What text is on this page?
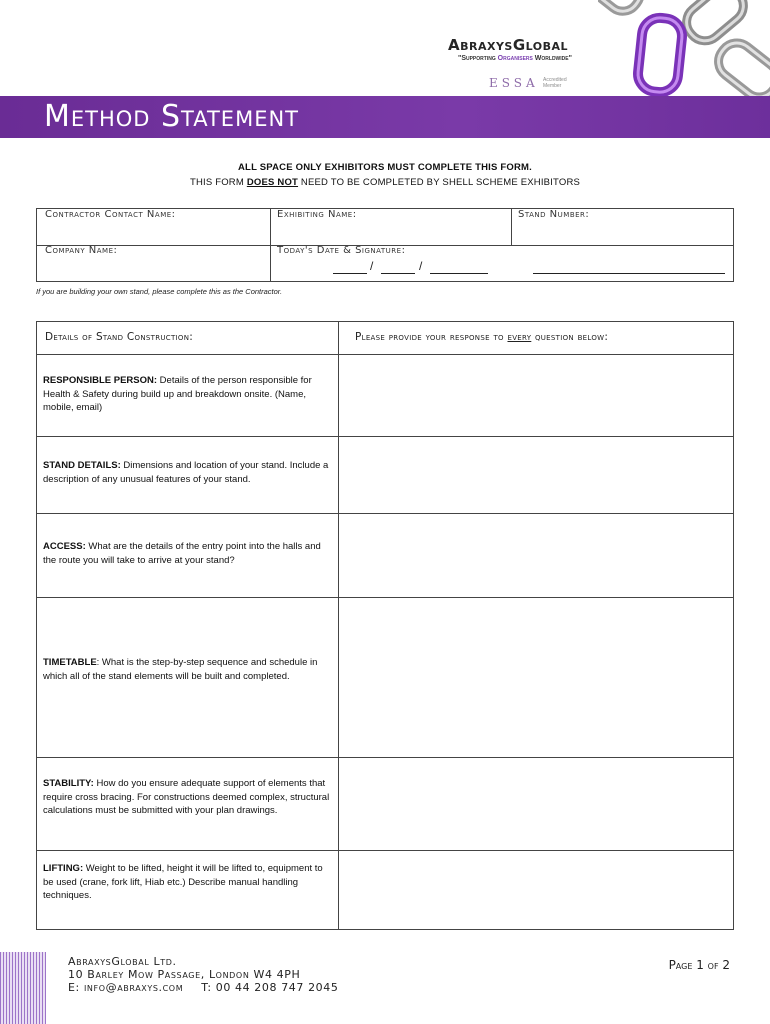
AbraxysGlobal
"Supporting Organisers Worldwide"
ESSA Accredited
Member
Method Statement
ALL SPACE ONLY EXHIBITORS MUST COMPLETE THIS FORM.
THIS FORM DOES NOT NEED TO BE COMPLETED BY SHELL SCHEME EXHIBITORS
Contractor Contact Name:	Exhibiting Name:	Stand Number:
Company Name:	Today's Date & Signature:
/	/
If you are building your own stand, please complete this as the Contractor.
Details of Stand Construction:	Please provide your response to every question below:
RESPONSIBLE PERSON: Details of the person responsible for Health & Safety during build up and breakdown onsite. (Name, mobile, email)
STAND DETAILS: Dimensions and location of your stand. Include a description of any unusual features of your stand.
ACCESS: What are the details of the entry point into the halls and the route you will take to arrive at your stand?
TIMETABLE: What is the step-by-step sequence and schedule in which all of the stand elements will be built and completed.
STABILITY: How do you ensure adequate support of elements that require cross bracing. For constructions deemed complex, structural calculations must be submitted with your plan drawings.
LIFTING: Weight to be lifted, height it will be lifted to, equipment to be used (crane, fork lift, Hiab etc.) Describe manual handling techniques.
AbraxysGlobal Ltd.
10 Barley Mow Passage, London W4 4PH
E: info@abraxys.com T: 00 44 208 747 2045
Page 1 of 2
